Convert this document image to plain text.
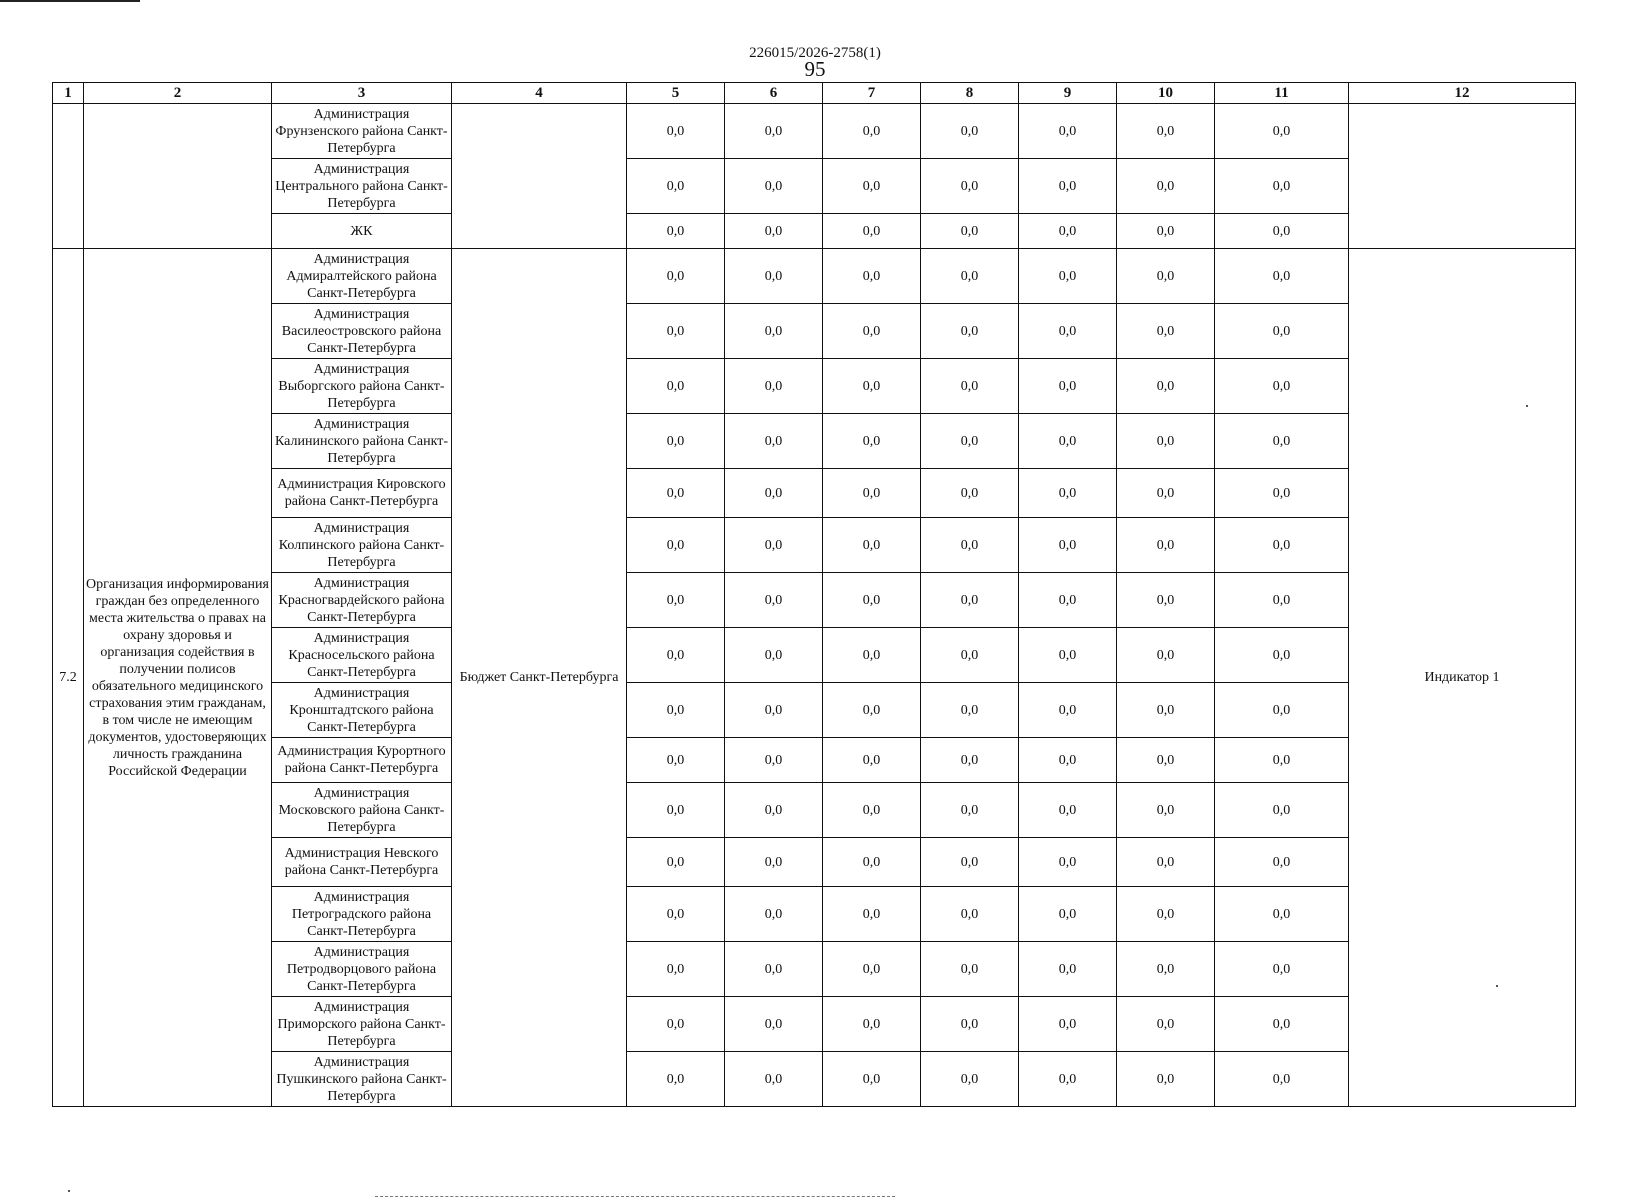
226015/2026-2758(1)
95
1	2	3	4	5	6	7	8	9	10	11	12
		Администрация Фрунзенского района Санкт-Петербурга		0,0	0,0	0,0	0,0	0,0	0,0	0,0	
		Администрация Центрального района Санкт-Петербурга		0,0	0,0	0,0	0,0	0,0	0,0	0,0	
		ЖК		0,0	0,0	0,0	0,0	0,0	0,0	0,0	
7.2	Организация информирования граждан без определенного места жительства о правах на охрану здоровья и организация содействия в получении полисов обязательного медицинского страхования этим гражданам, в том числе не имеющим документов, удостоверяющих личность гражданина Российской Федерации	Администрация Адмиралтейского района Санкт-Петербурга	Бюджет Санкт-Петербурга	0,0	0,0	0,0	0,0	0,0	0,0	0,0	Индикатор 1
		Администрация Василеостровского района Санкт-Петербурга		0,0	0,0	0,0	0,0	0,0	0,0	0,0	
		Администрация Выборгского района Санкт-Петербурга		0,0	0,0	0,0	0,0	0,0	0,0	0,0	
		Администрация Калининского района Санкт-Петербурга		0,0	0,0	0,0	0,0	0,0	0,0	0,0	
		Администрация Кировского района Санкт-Петербурга		0,0	0,0	0,0	0,0	0,0	0,0	0,0	
		Администрация Колпинского района Санкт-Петербурга		0,0	0,0	0,0	0,0	0,0	0,0	0,0	
		Администрация Красногвардейского района Санкт-Петербурга		0,0	0,0	0,0	0,0	0,0	0,0	0,0	
		Администрация Красносельского района Санкт-Петербурга		0,0	0,0	0,0	0,0	0,0	0,0	0,0	
		Администрация Кронштадтского района Санкт-Петербурга		0,0	0,0	0,0	0,0	0,0	0,0	0,0	
		Администрация Курортного района Санкт-Петербурга		0,0	0,0	0,0	0,0	0,0	0,0	0,0	
		Администрация Московского района Санкт-Петербурга		0,0	0,0	0,0	0,0	0,0	0,0	0,0	
		Администрация Невского района Санкт-Петербурга		0,0	0,0	0,0	0,0	0,0	0,0	0,0	
		Администрация Петроградского района Санкт-Петербурга		0,0	0,0	0,0	0,0	0,0	0,0	0,0	
		Администрация Петродворцового района Санкт-Петербурга		0,0	0,0	0,0	0,0	0,0	0,0	0,0	
		Администрация Приморского района Санкт-Петербурга		0,0	0,0	0,0	0,0	0,0	0,0	0,0	
		Администрация Пушкинского района Санкт-Петербурга		0,0	0,0	0,0	0,0	0,0	0,0	0,0	
